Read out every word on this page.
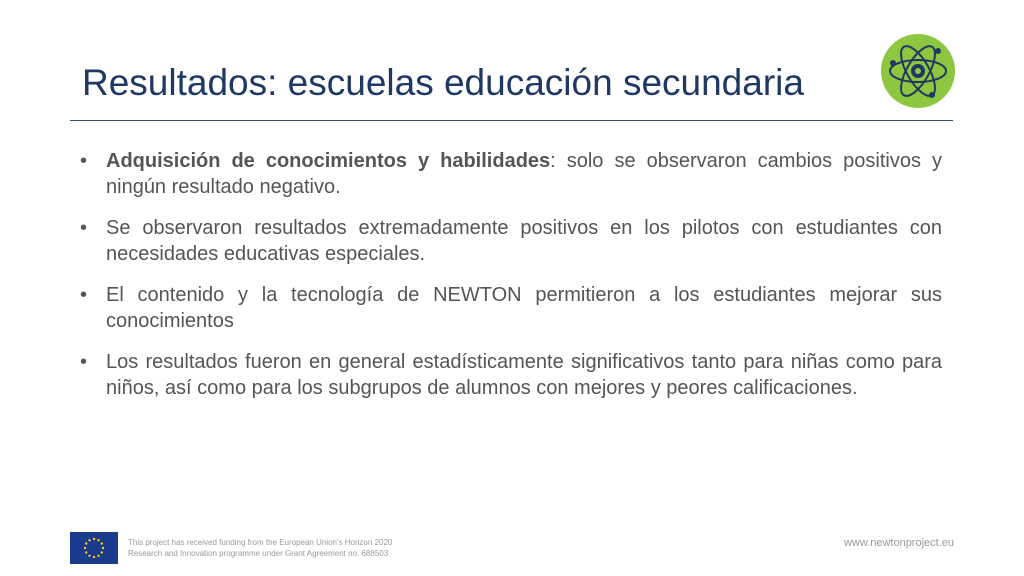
Resultados: escuelas educación secundaria
• Adquisición de conocimientos y habilidades: solo se observaron cambios positivos y ningún resultado negativo.
• Se observaron resultados extremadamente positivos en los pilotos con estudiantes con necesidades educativas especiales.
• El contenido y la tecnología de NEWTON permitieron a los estudiantes mejorar sus conocimientos
• Los resultados fueron en general estadísticamente significativos tanto para niñas como para niños, así como para los subgrupos de alumnos con mejores y peores calificaciones.
This project has received funding from the European Union's Horizon 2020
Research and Innovation programme under Grant Agreement no. 688503
www.newtonproject.eu
